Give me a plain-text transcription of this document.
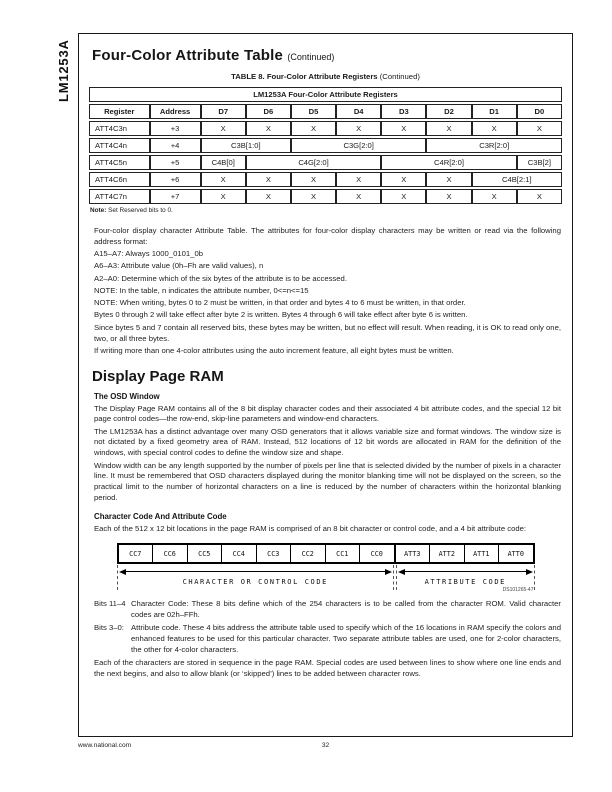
LM1253A Four-Color Attribute Table (Continued)
TABLE 8. Four-Color Attribute Registers (Continued)
LM1253A Four-Color Attribute Registers									
Register	Address	D7	D6	D5	D4	D3	D2	D1	D0
ATT4C3n	+3	X	X	X	X	X	X	X	X
ATT4C4n	+4	C3B[1:0]		C3G[2:0]			C3R[2:0]		
ATT4C5n	+5	C4B[0]	C4G[2:0]			C4R[2:0]			C3B[2]
ATT4C6n	+6	X	X	X	X	X	X	C4B[2:1]	
ATT4C7n	+7	X	X	X	X	X	X	X	X
Note: Set Reserved bits to 0.

Four-color display character Attribute Table. The attributes for four-color display characters may be written or read via the following address format:

A15–A7: Always 1000_0101_0b

A6–A3: Attribute value (0h–Fh are valid values), n

A2–A0: Determine which of the six bytes of the attribute is to be accessed.

NOTE: In the table, n indicates the attribute number, 0<=n<=15

NOTE: When writing, bytes 0 to 2 must be written, in that order and bytes 4 to 6 must be written, in that order.

Bytes 0 through 2 will take effect after byte 2 is written. Bytes 4 through 6 will take effect after byte 6 is written.

Since bytes 5 and 7 contain all reserved bits, these bytes may be written, but no effect will result. When reading, it is OK to read only one, two, or all three bytes.

If writing more than one 4-color attributes using the auto increment feature, all eight bytes must be written.

Display Page RAM
The OSD Window

The Display Page RAM contains all of the 8 bit display character codes and their associated 4 bit attribute codes, and the special 12 bit page control codes—the row-end, skip-line parameters and window-end characters.

The LM1253A has a distinct advantage over many OSD generators that it allows variable size and format windows. The window size is not dictated by a fixed geometry area of RAM. Instead, 512 locations of 12 bit words are allocated in RAM for the definition of the windows, with special control codes to define the window size and shape.

Window width can be any length supported by the number of pixels per line that is selected divided by the number of pixels in a character line. It must be remembered that OSD characters displayed during the monitor blanking time will not be displayed on the screen, so the practical limit to the number of horizontal characters on a line is reduced by the number of characters within the horizontal blanking period.

Character Code And Attribute Code

Each of the 512 x 12 bit locations in the page RAM is comprised of an 8 bit character or control code, and a 4 bit attribute code:

CC7	CC6	CC5	CC4	CC3	CC2	CC1	CC0	ATT3	ATT2	ATT1	ATT0
CHARACTER OR CONTROL CODE	ATTRIBUTE CODE
DS101265-47
Bits 11–4 Character Code: These 8 bits define which of the 254 characters is to be called from the character ROM. Valid character codes are 02h–FFh.
Bits 3–0: Attribute code. These 4 bits address the attribute table used to specify which of the 16 locations in RAM specify the colors and enhanced features to be used for this particular character. Two separate attribute tables are used, one for 2-color characters, the other for 4-color characters.

Each of the characters are stored in sequence in the page RAM. Special codes are used between lines to show where one line ends and the next begins, and also to allow blank (or ‘skipped’) lines to be added between character rows.

32
www.national.com
